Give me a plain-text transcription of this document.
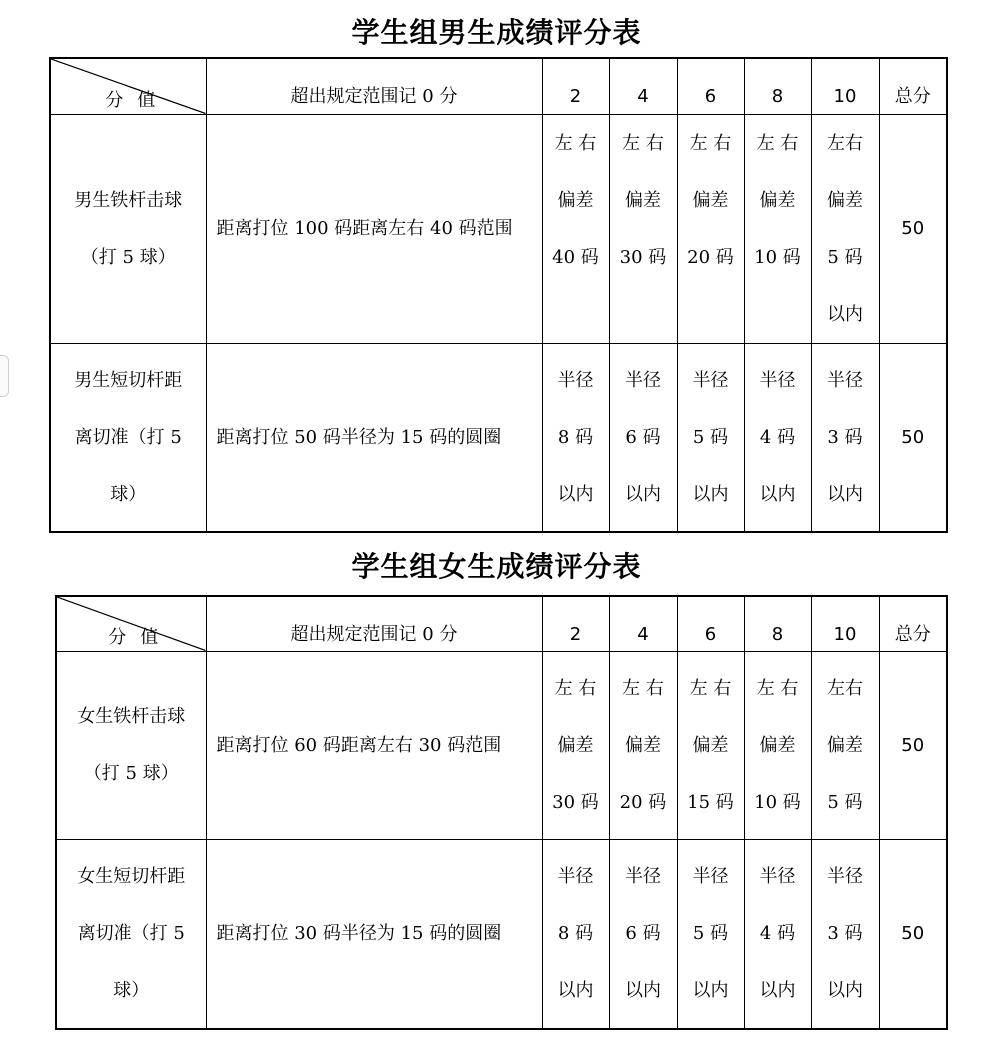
学生组男生成绩评分表
分值	超出规定范围记 0 分	2	4	6	8	10	总分

男生铁杆击球
（打 5 球）	距离打位 100 码距离左右 40 码范围	左 右
偏差
40 码	左 右
偏差
30 码	左 右
偏差
20 码	左 右
偏差
10 码	左右
偏差
5 码
以内	50

男生短切杆距
离切准（打 5
球）	距离打位 50 码半径为 15 码的圆圈	半径
8 码
以内	半径
6 码
以内	半径
5 码
以内	半径
4 码
以内	半径
3 码
以内	50
学生组女生成绩评分表
分值	超出规定范围记 0 分	2	4	6	8	10	总分

女生铁杆击球
（打 5 球）	距离打位 60 码距离左右 30 码范围	左 右
偏差
30 码	左 右
偏差
20 码	左 右
偏差
15 码	左 右
偏差
10 码	左右
偏差
5 码	50

女生短切杆距
离切准（打 5
球）	距离打位 30 码半径为 15 码的圆圈	半径
8 码
以内	半径
6 码
以内	半径
5 码
以内	半径
4 码
以内	半径
3 码
以内	50
